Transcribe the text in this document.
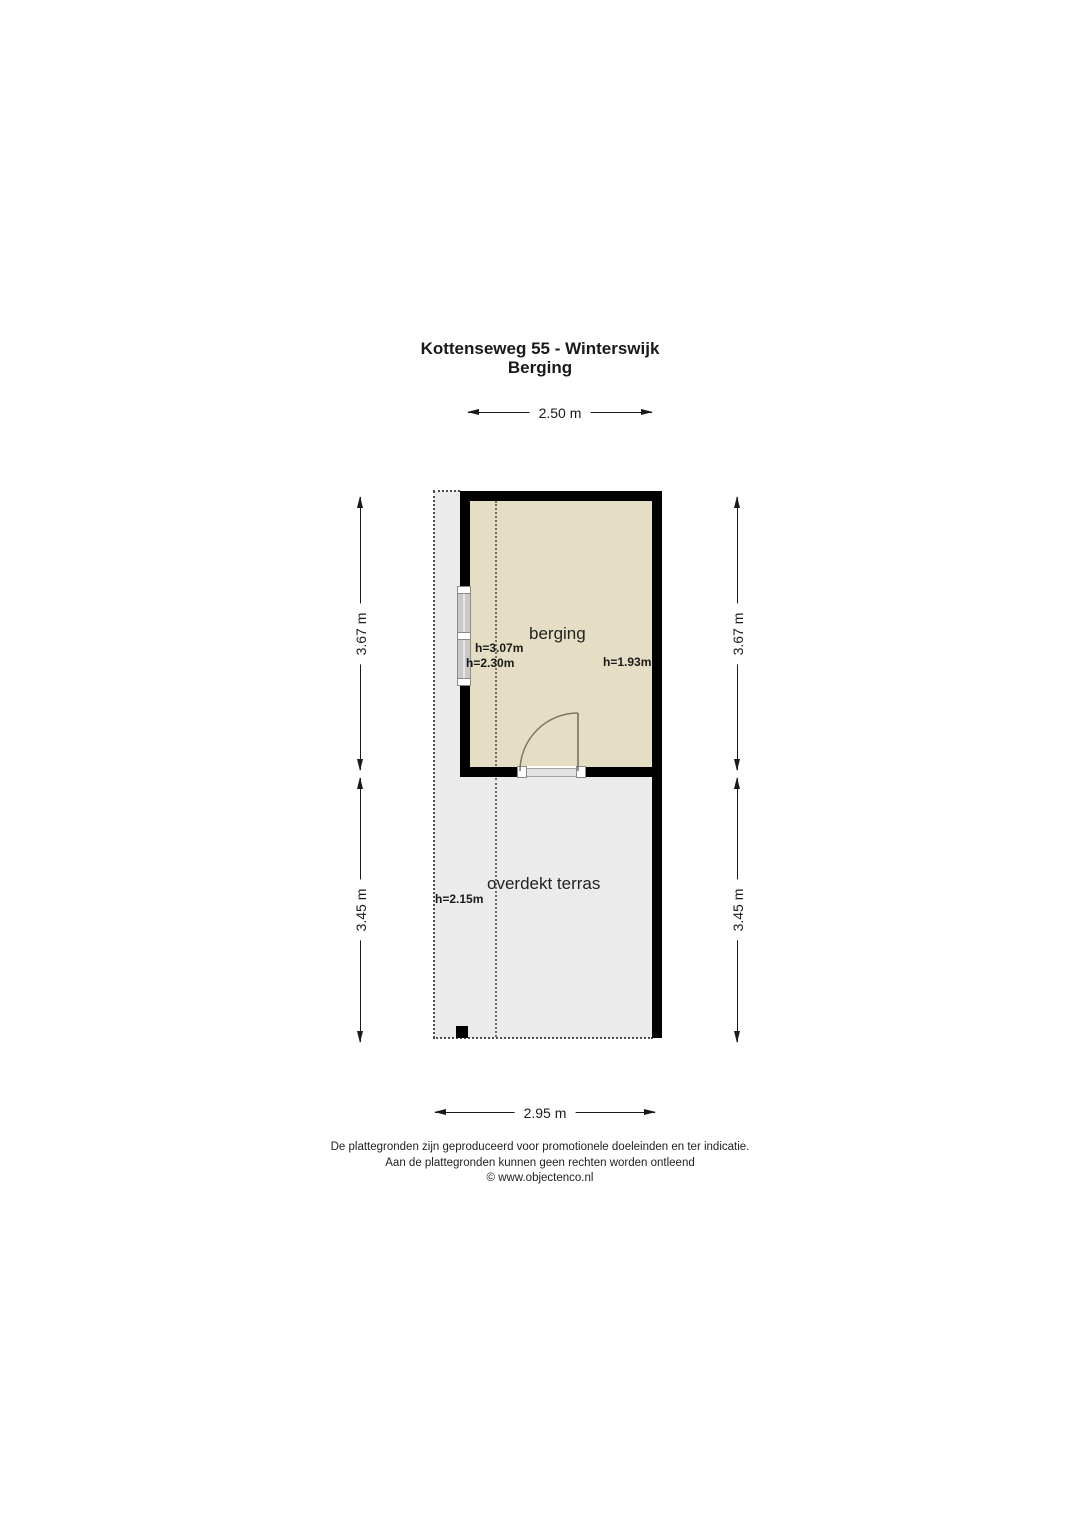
Kottenseweg 55 - Winterswijk
Berging
2.50 m
3.67 m
3.45 m
3.67 m
3.45 m
berging
h=3.07m
h=2.30m	h=1.93m
overdekt terras
h=2.15m
2.95 m
De plattegronden zijn geproduceerd voor promotionele doeleinden en ter indicatie.
Aan de plattegronden kunnen geen rechten worden ontleend
© www.objectenco.nl
